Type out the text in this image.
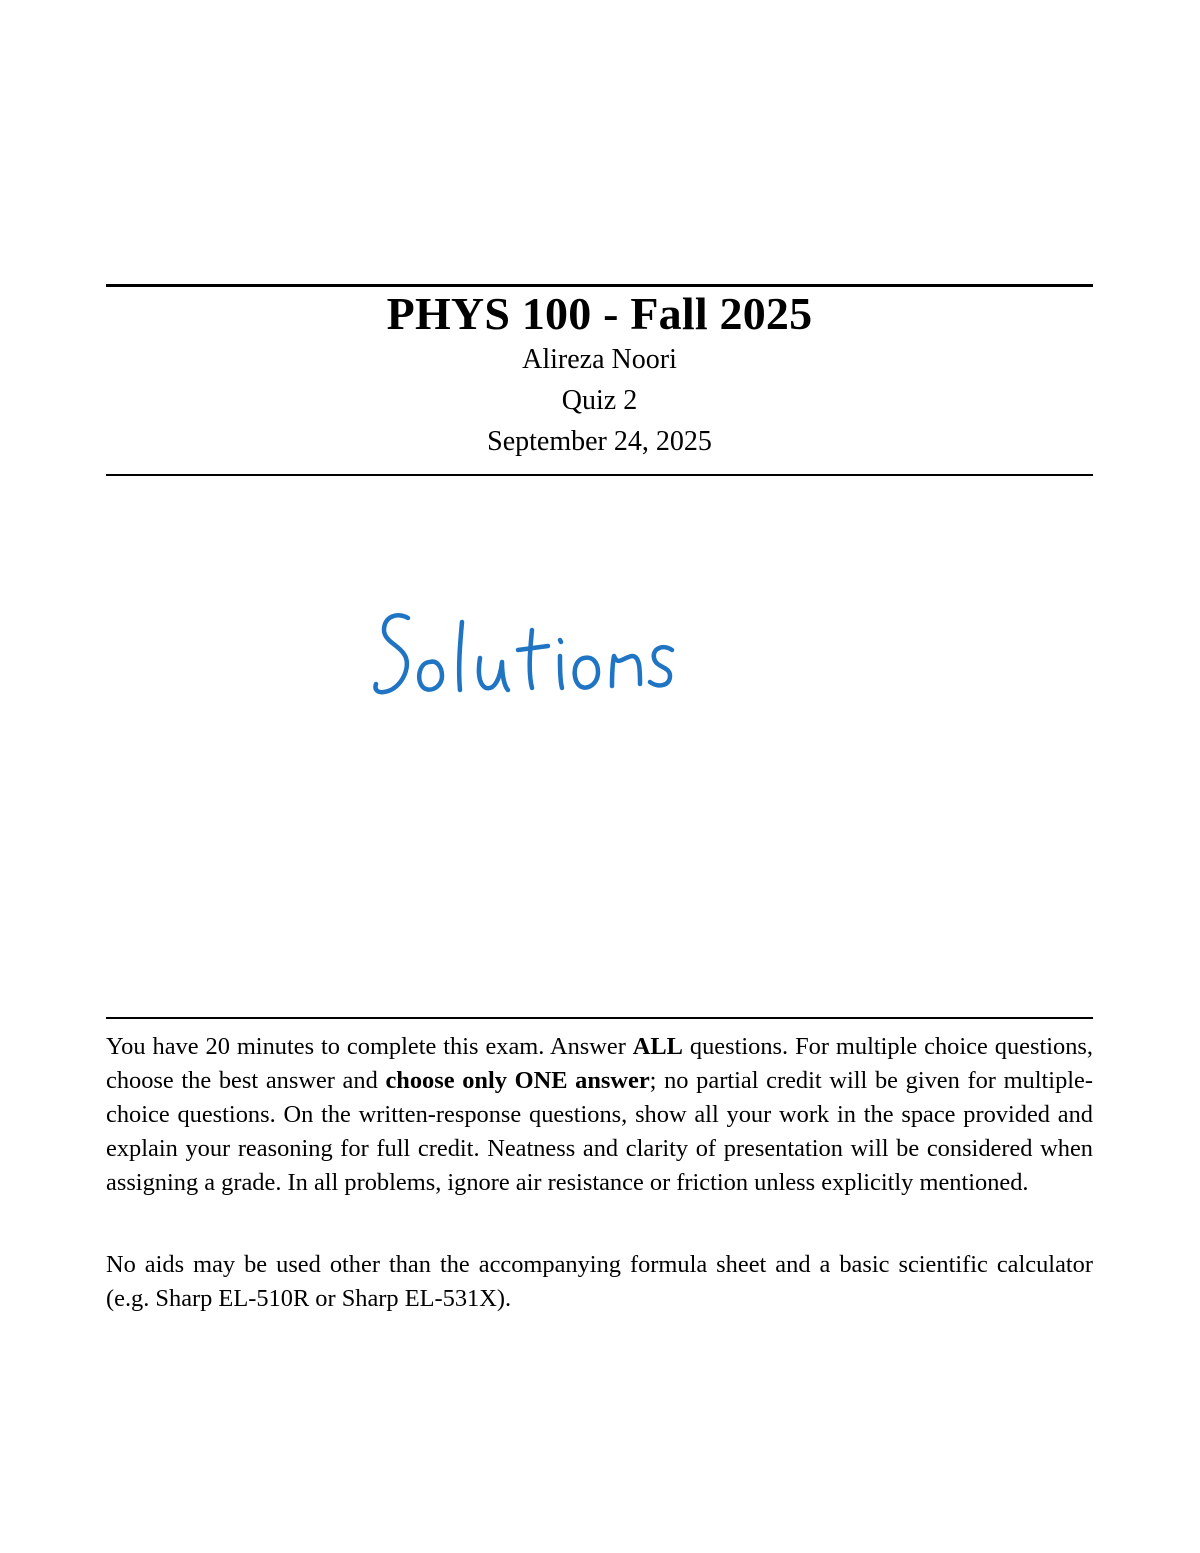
PHYS 100 - Fall 2025
Alireza Noori
Quiz 2
September 24, 2025

You have 20 minutes to complete this exam. Answer ALL questions. For multiple choice questions, choose the best answer and choose only ONE answer; no partial credit will be given for multiple-choice questions. On the written-response questions, show all your work in the space provided and explain your reasoning for full credit. Neatness and clarity of presentation will be considered when assigning a grade. In all problems, ignore air resistance or friction unless explicitly mentioned.

No aids may be used other than the accompanying formula sheet and a basic scientific calculator (e.g. Sharp EL-510R or Sharp EL-531X).
